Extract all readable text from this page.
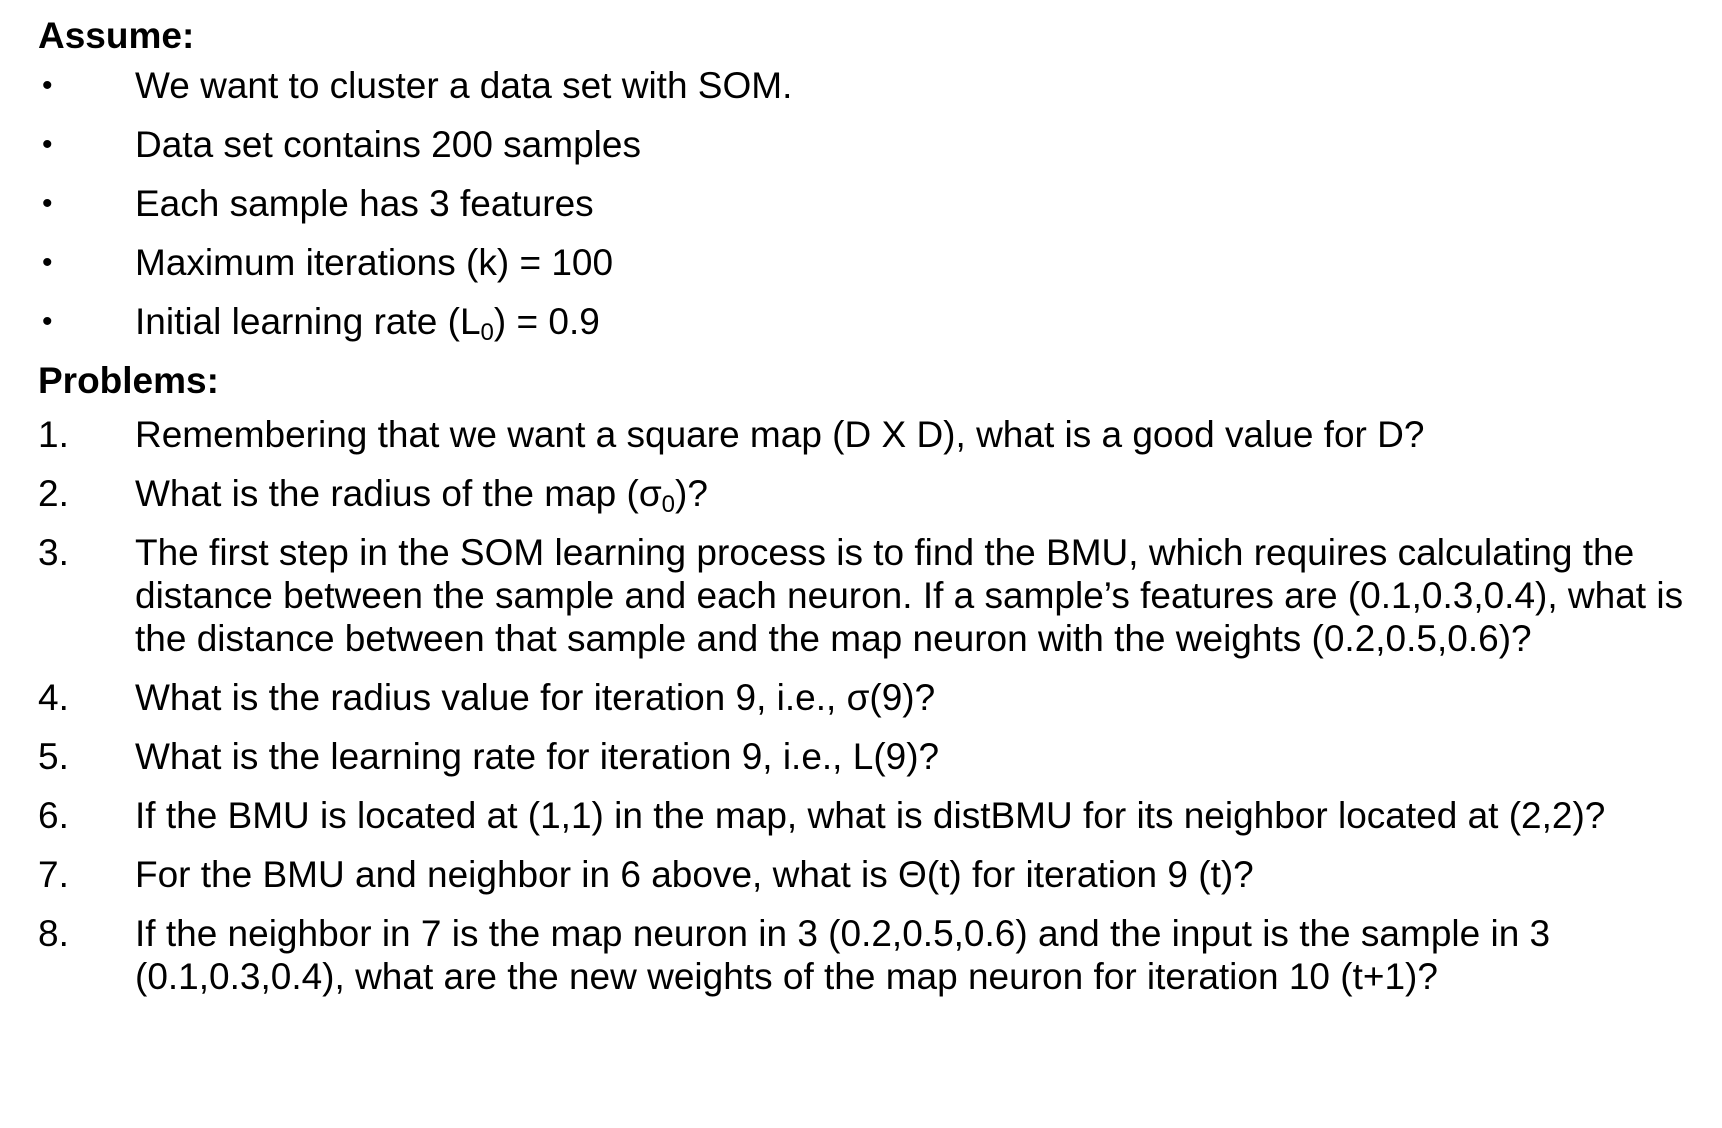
Assume:
•	We want to cluster a data set with SOM.
•	Data set contains 200 samples
•	Each sample has 3 features
•	Maximum iterations (k) = 100
•	Initial learning rate $(L_0) = 0.9$
Problems:
1.	Remembering that we want a square map (D X D), what is a good value for D?
2.	What is the radius of the map $(\sigma_0)$?
3.	The first step in the SOM learning process is to find the BMU, which requires calculating the distance between the sample and each neuron. If a sample’s features are (0.1,0.3,0.4), what is the distance between that sample and the map neuron with the weights (0.2,0.5,0.6)?
4.	What is the radius value for iteration 9, i.e., σ(9)?
5.	What is the learning rate for iteration 9, i.e., L(9)?
6.	If the BMU is located at (1,1) in the map, what is distBMU for its neighbor located at (2,2)?
7.	For the BMU and neighbor in 6 above, what is Θ(t) for iteration 9 (t)?
8.	If the neighbor in 7 is the map neuron in 3 (0.2,0.5,0.6) and the input is the sample in 3 (0.1,0.3,0.4), what are the new weights of the map neuron for iteration 10 (t+1)?
